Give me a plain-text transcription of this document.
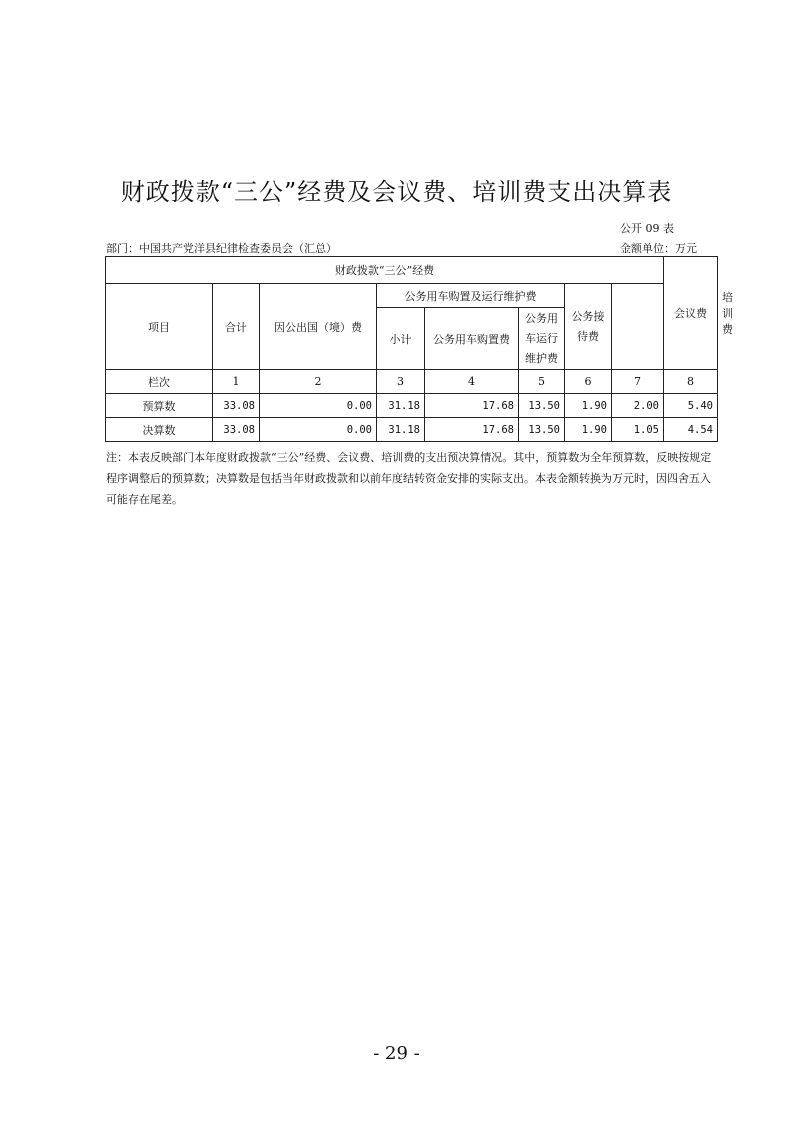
财政拨款“三公”经费及会议费、培训费支出决算表
公开 09 表
部门：中国共产党洋县纪律检查委员会（汇总）	金额单位：万元
财政拨款“三公”经费								会议费	培训费
项目	合计	因公出国（境）费	公务用车购置及运行维护费			公务接
待费			
			小计	公务用车购置费	公务用
车运行
维护费				
栏次	1	2	3	4	5	6	7	8	
预算数	33.08	0.00	31.18	17.68	13.50	1.90	2.00	5.40	
决算数	33.08	0.00	31.18	17.68	13.50	1.90	1.05	4.54	
注：本表反映部门本年度财政拨款“三公”经费、会议费、培训费的支出预决算情况。其中，预算数为全年预算数，反映按规定程序调整后的预算数；决算数是包括当年财政拨款和以前年度结转资金安排的实际支出。本表金额转换为万元时，因四舍五入可能存在尾差。
- 29 -
